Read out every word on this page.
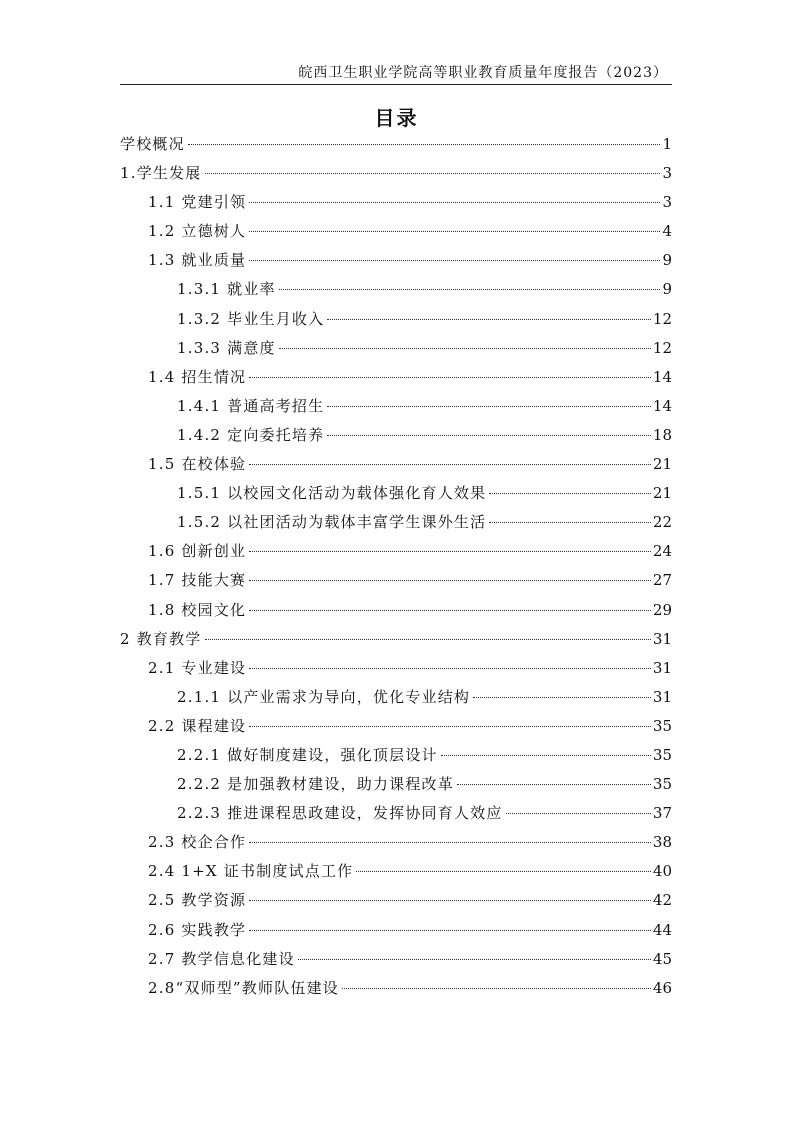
皖西卫生职业学院高等职业教育质量年度报告（2023）
目录
学校概况	1
1.学生发展	3
1.1 党建引领	3
1.2 立德树人	4
1.3 就业质量	9
1.3.1 就业率	9
1.3.2 毕业生月收入	12
1.3.3 满意度	12
1.4 招生情况	14
1.4.1 普通高考招生	14
1.4.2 定向委托培养	18
1.5 在校体验	21
1.5.1 以校园文化活动为载体强化育人效果	21
1.5.2 以社团活动为载体丰富学生课外生活	22
1.6 创新创业	24
1.7 技能大赛	27
1.8 校园文化	29
2 教育教学	31
2.1 专业建设	31
2.1.1 以产业需求为导向，优化专业结构	31
2.2 课程建设	35
2.2.1 做好制度建设，强化顶层设计	35
2.2.2 是加强教材建设，助力课程改革	35
2.2.3 推进课程思政建设，发挥协同育人效应	37
2.3 校企合作	38
2.4 1+X 证书制度试点工作	40
2.5 教学资源	42
2.6 实践教学	44
2.7 教学信息化建设	45
2.8“双师型”教师队伍建设	46
